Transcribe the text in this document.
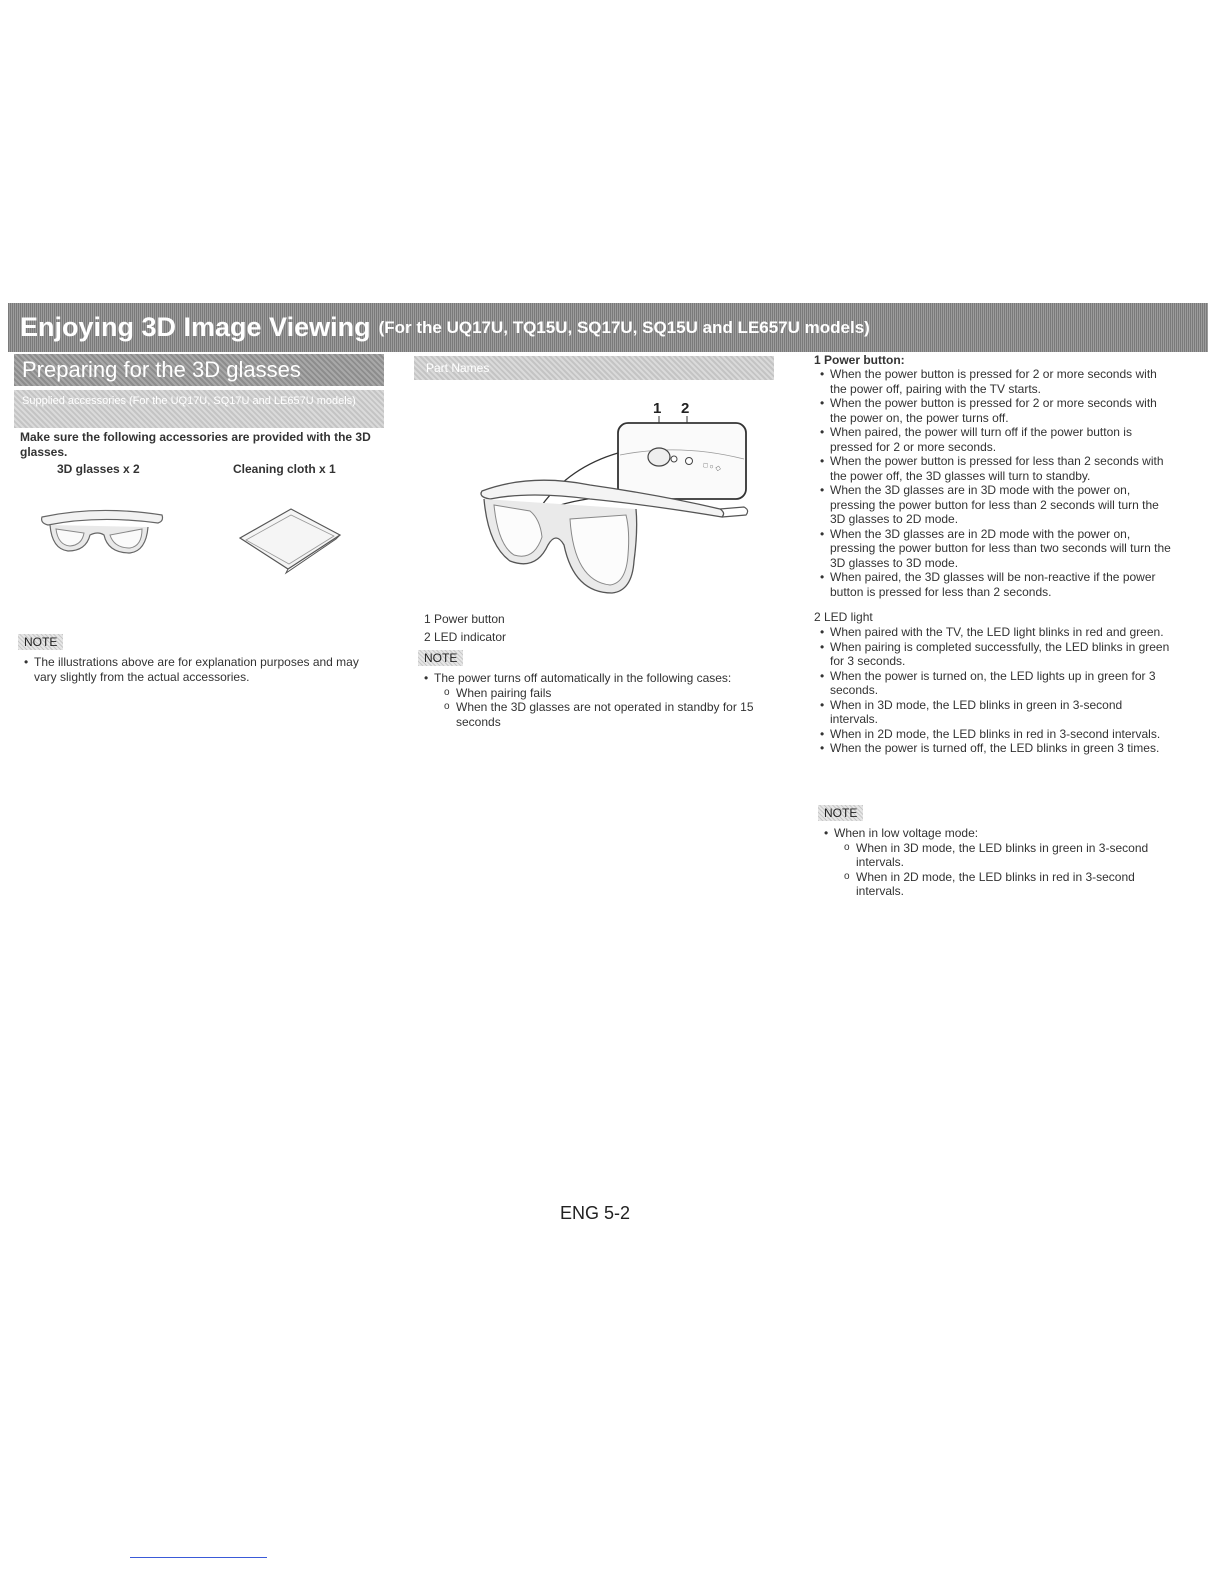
Enjoying 3D Image Viewing (For the UQ17U, TQ15U, SQ17U, SQ15U and LE657U models)
Preparing for the 3D glasses
Supplied accessories (For the UQ17U, SQ17U and LE657U models)
Make sure the following accessories are provided with the 3D glasses.
3D glasses x 2	Cleaning cloth x 1
NOTE
• The illustrations above are for explanation purposes and may vary slightly from the actual accessories.
Part Names
1 2
□ ○ ◇
1 Power button
2 LED indicator
NOTE
• The power turns off automatically in the following cases:
o When pairing fails
o When the 3D glasses are not operated in standby for 15 seconds
1 Power button:
• When the power button is pressed for 2 or more seconds with the power off, pairing with the TV starts.
• When the power button is pressed for 2 or more seconds with the power on, the power turns off.
• When paired, the power will turn off if the power button is pressed for 2 or more seconds.
• When the power button is pressed for less than 2 seconds with the power off, the 3D glasses will turn to standby.
• When the 3D glasses are in 3D mode with the power on, pressing the power button for less than 2 seconds will turn the 3D glasses to 2D mode.
• When the 3D glasses are in 2D mode with the power on, pressing the power button for less than two seconds will turn the 3D glasses to 3D mode.
• When paired, the 3D glasses will be non-reactive if the power button is pressed for less than 2 seconds.
2 LED light
• When paired with the TV, the LED light blinks in red and green.
• When pairing is completed successfully, the LED blinks in green for 3 seconds.
• When the power is turned on, the LED lights up in green for 3 seconds.
• When in 3D mode, the LED blinks in green in 3-second intervals.
• When in 2D mode, the LED blinks in red in 3-second intervals.
• When the power is turned off, the LED blinks in green 3 times.
NOTE
• When in low voltage mode:
o When in 3D mode, the LED blinks in green in 3-second intervals.
o When in 2D mode, the LED blinks in red in 3-second intervals.
ENG 5-2
